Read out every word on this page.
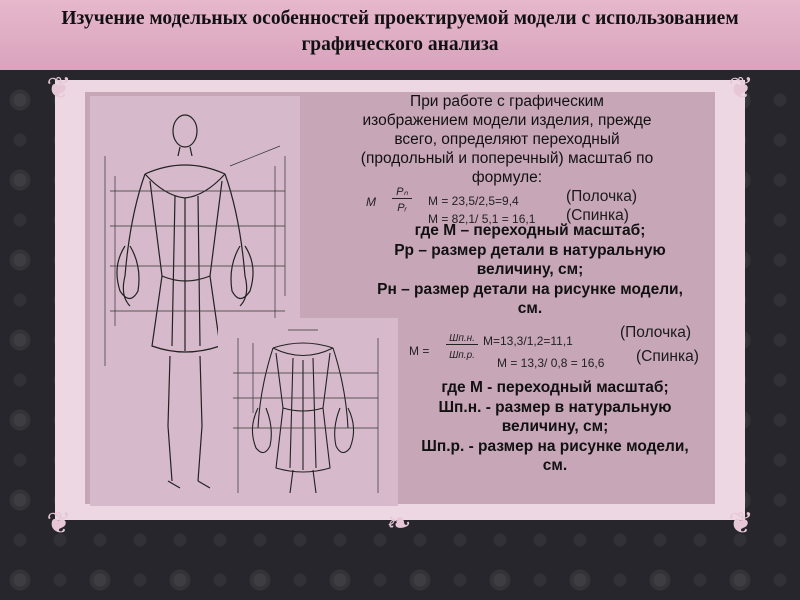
Изучение модельных особенностей проектируемой модели с использованием
графического анализа
❦	❦
❦	❦
❧
При работе с графическим
изображением модели изделия, прежде
всего, определяют переходный
(продольный и поперечный) масштаб по
формуле:
M
Pₙ
Pᵣ	М = 23,5/2,5=9,4
М = 82,1/ 5,1 = 16,1
(Полочка)
(Спинка)
где М – переходный масштаб;
Рр – размер детали в натуральную
величину, см;
Рн – размер детали на рисунке модели,
см.
М =
Шп.н.
Шп.р.
М=13,3/1,2=11,1
М = 13,3/ 0,8 = 16,6
(Полочка)
(Спинка)
где М - переходный масштаб;
Шп.н. - размер в натуральную
величину, см;
Шп.р. - размер на рисунке модели,
см.
